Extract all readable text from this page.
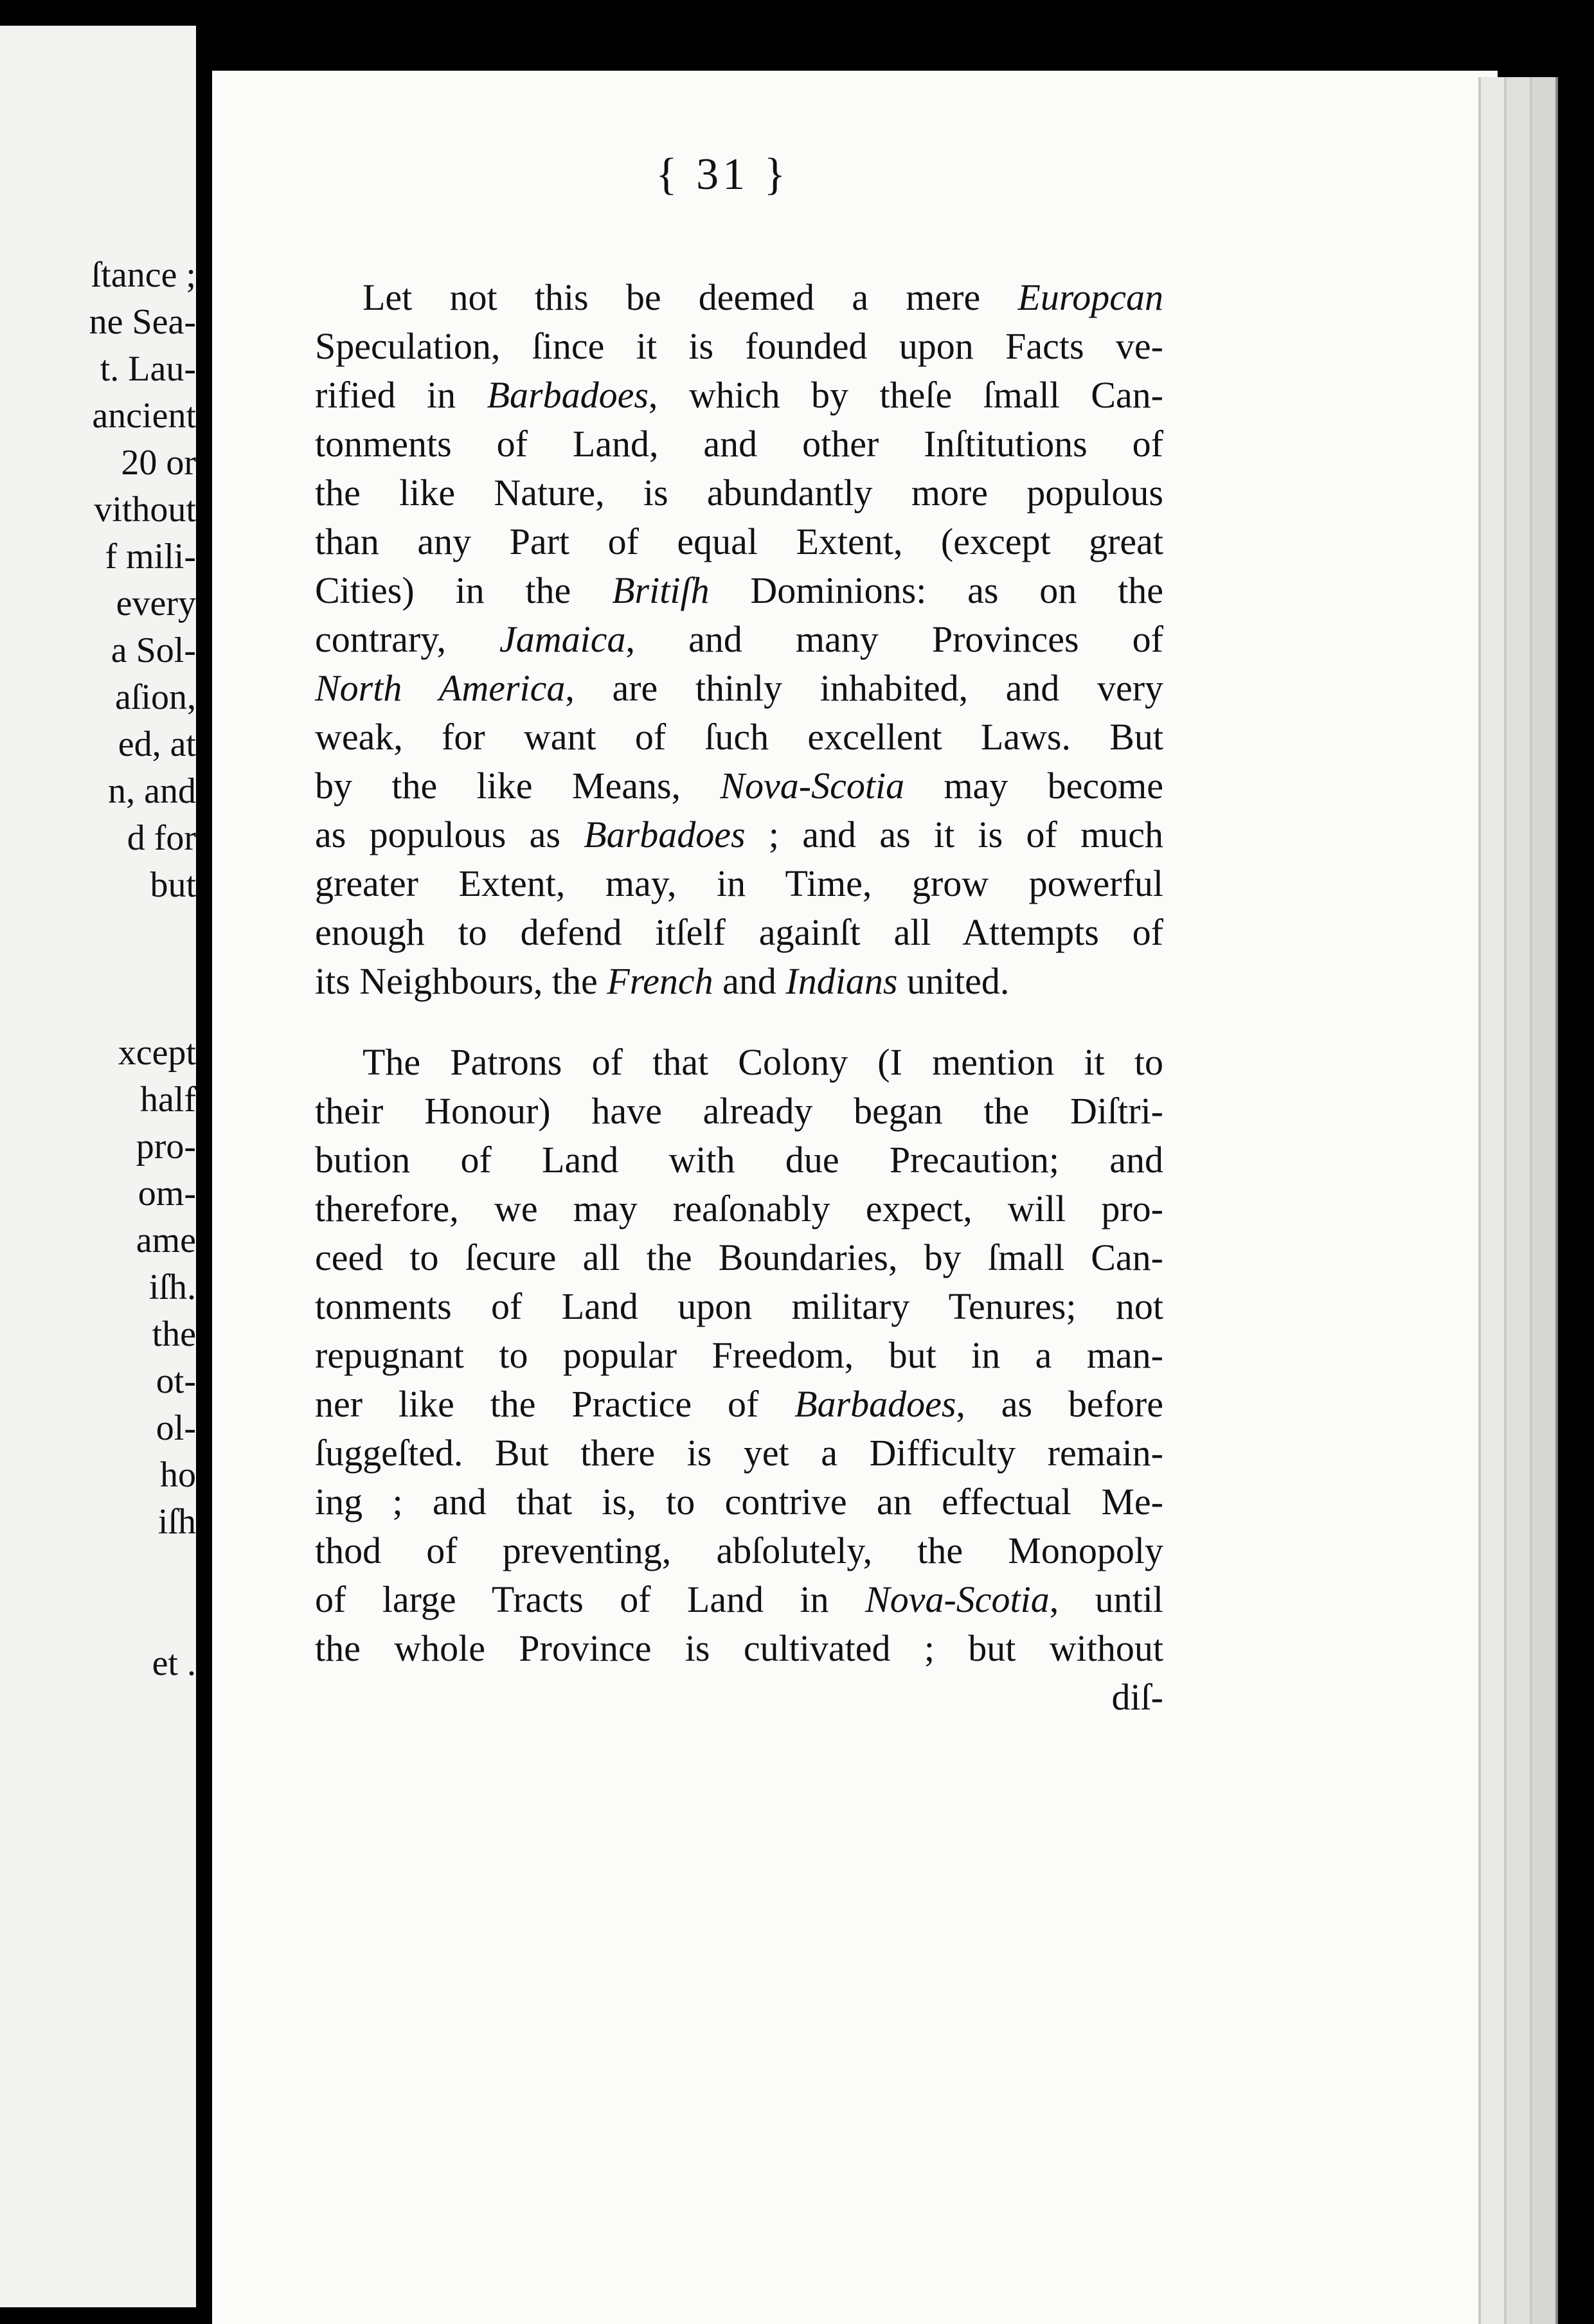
ſtance ;
ne Sea-
t. Lau-
ancient
20 or
vithout
f mili-
every
a Sol-
aſion,
ed, at
n, and
d for
but
xcept
half
pro-
om-
ame
iſh.
the
ot-
ol-
ho
iſh
et .
{ 31 }
Let not this be deemed a mere Europcan
Speculation, ſince it is founded upon Facts ve-
rified in Barbadoes, which by theſe ſmall Can-
tonments of Land, and other Inſtitutions of
the like Nature, is abundantly more populous
than any Part of equal Extent, (except great
Cities) in the Britiſh Dominions: as on the
contrary, Jamaica, and many Provinces of
North America, are thinly inhabited, and very
weak, for want of ſuch excellent Laws. But
by the like Means, Nova-Scotia may become
as populous as Barbadoes ; and as it is of much
greater Extent, may, in Time, grow powerful
enough to defend itſelf againſt all Attempts of
its Neighbours, the French and Indians united.
The Patrons of that Colony (I mention it to
their Honour) have already began the Diſtri-
bution of Land with due Precaution; and
therefore, we may reaſonably expect, will pro-
ceed to ſecure all the Boundaries, by ſmall Can-
tonments of Land upon military Tenures; not
repugnant to popular Freedom, but in a man-
ner like the Practice of Barbadoes, as before
ſuggeſted. But there is yet a Difficulty remain-
ing ; and that is, to contrive an effectual Me-
thod of preventing, abſolutely, the Monopoly
of large Tracts of Land in Nova-Scotia, until
the whole Province is cultivated ; but without
diſ-
